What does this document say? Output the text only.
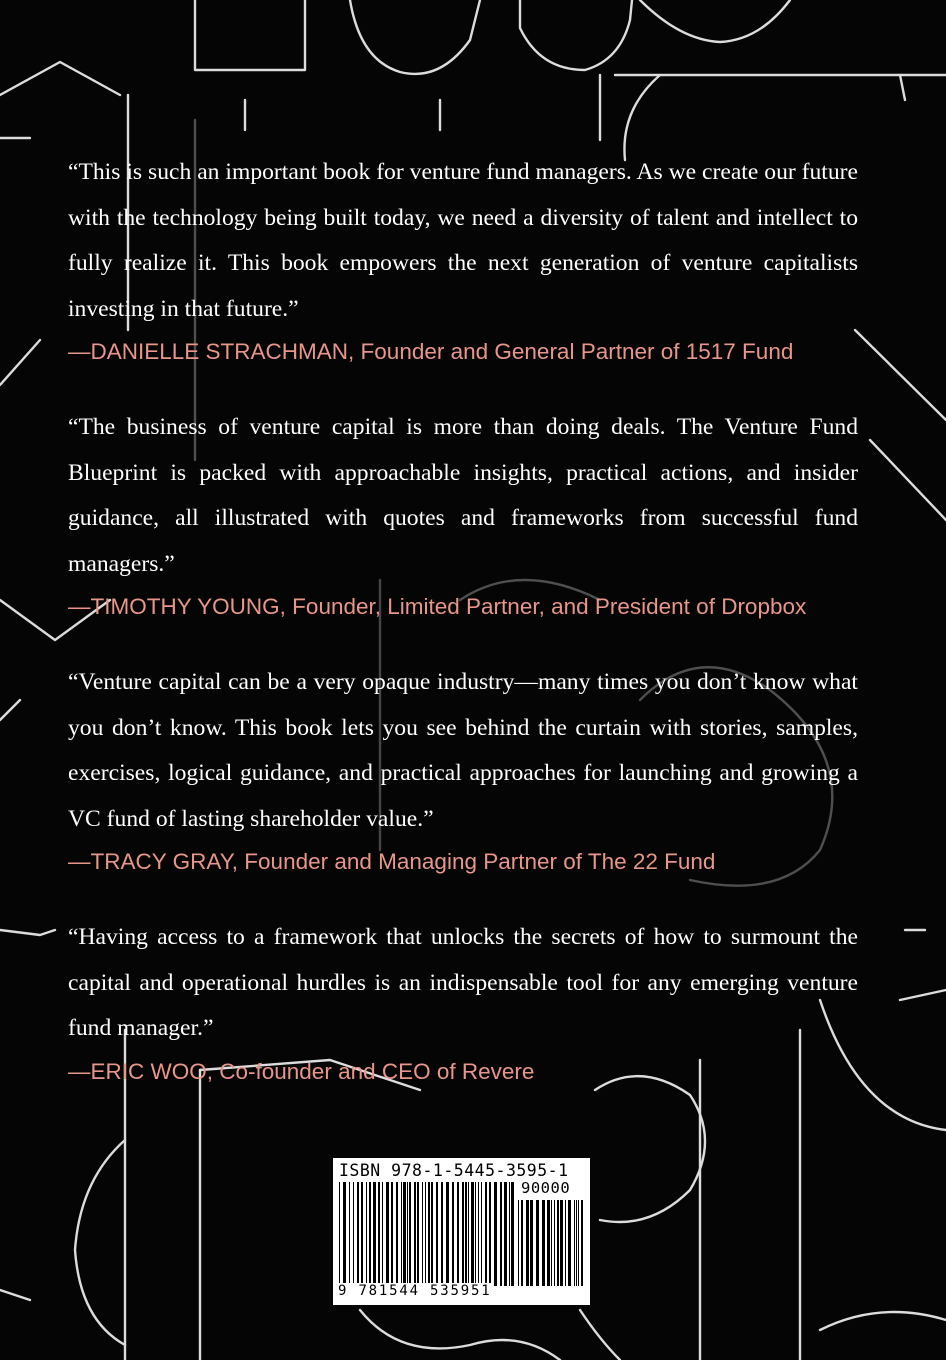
“This is such an important book for venture fund managers. As we create our future with the technology being built today, we need a diversity of talent and intellect to fully realize it. This book empowers the next generation of venture capitalists investing in that future.”
—DANIELLE STRACHMAN, Founder and General Partner of 1517 Fund
“The business of venture capital is more than doing deals. The Venture Fund Blueprint is packed with approachable insights, practical actions, and insider guidance, all illustrated with quotes and frameworks from successful fund managers.”
—TIMOTHY YOUNG, Founder, Limited Partner, and President of Dropbox
“Venture capital can be a very opaque industry—many times you don’t know what you don’t know. This book lets you see behind the curtain with stories, samples, exercises, logical guidance, and practical approaches for launching and growing a VC fund of lasting shareholder value.”
—TRACY GRAY, Founder and Managing Partner of The 22 Fund
“Having access to a framework that unlocks the secrets of how to surmount the capital and operational hurdles is an indispensable tool for any emerging venture fund manager.”
—ERIC WOO, Co-founder and CEO of Revere
ISBN 978-1-5445-3595-1
90000
9 781544 535951
